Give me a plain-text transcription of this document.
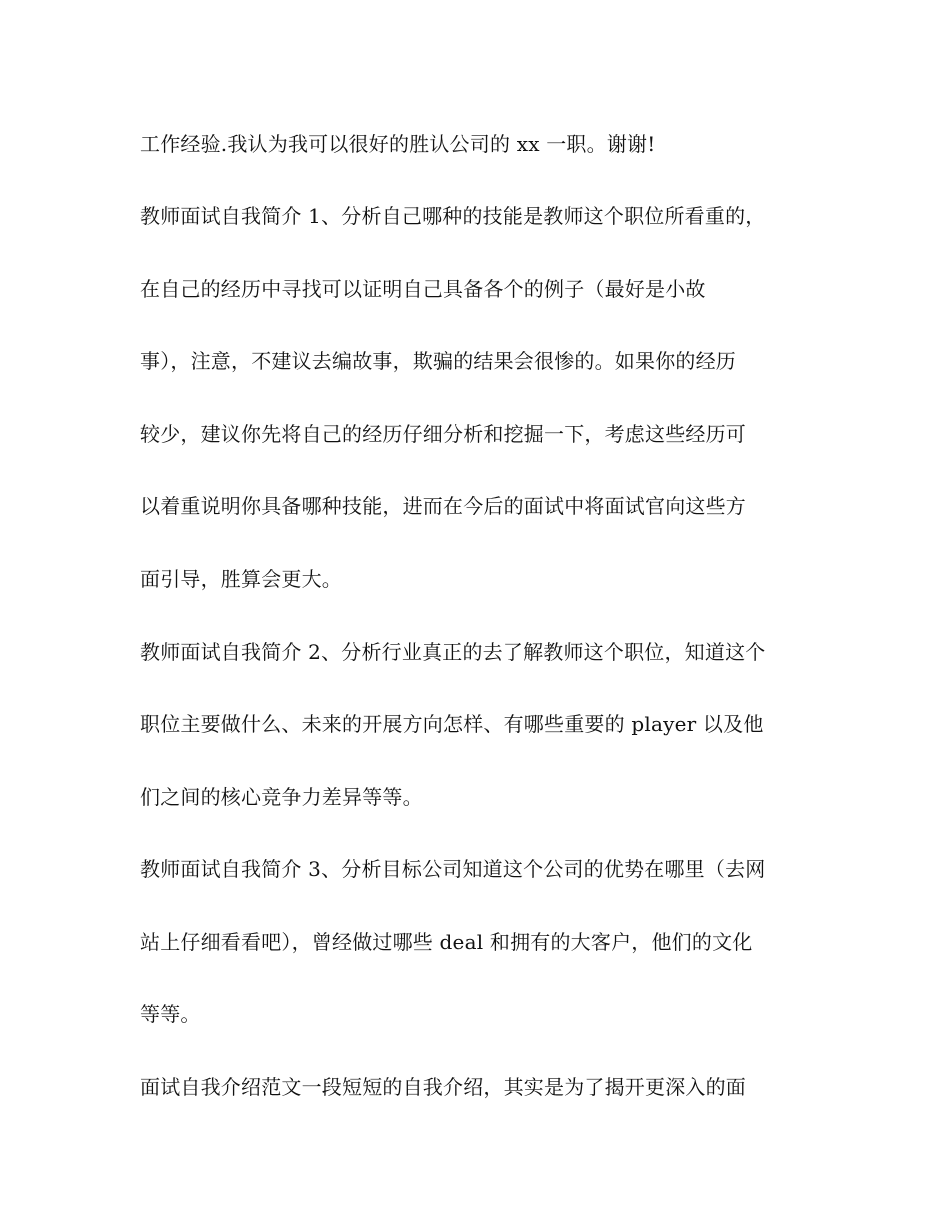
工作经验.我认为我可以很好的胜认公司的 xx 一职。谢谢!
教师面试自我简介 1、分析自己哪种的技能是教师这个职位所看重的，
在自己的经历中寻找可以证明自己具备各个的例子（最好是小故
事），注意，不建议去编故事，欺骗的结果会很惨的。如果你的经历
较少，建议你先将自己的经历仔细分析和挖掘一下，考虑这些经历可
以着重说明你具备哪种技能，进而在今后的面试中将面试官向这些方
面引导，胜算会更大。
教师面试自我简介 2、分析行业真正的去了解教师这个职位，知道这个
职位主要做什么、未来的开展方向怎样、有哪些重要的 player 以及他
们之间的核心竞争力差异等等。
教师面试自我简介 3、分析目标公司知道这个公司的优势在哪里（去网
站上仔细看看吧），曾经做过哪些 deal 和拥有的大客户，他们的文化
等等。
面试自我介绍范文一段短短的自我介绍，其实是为了揭开更深入的面
